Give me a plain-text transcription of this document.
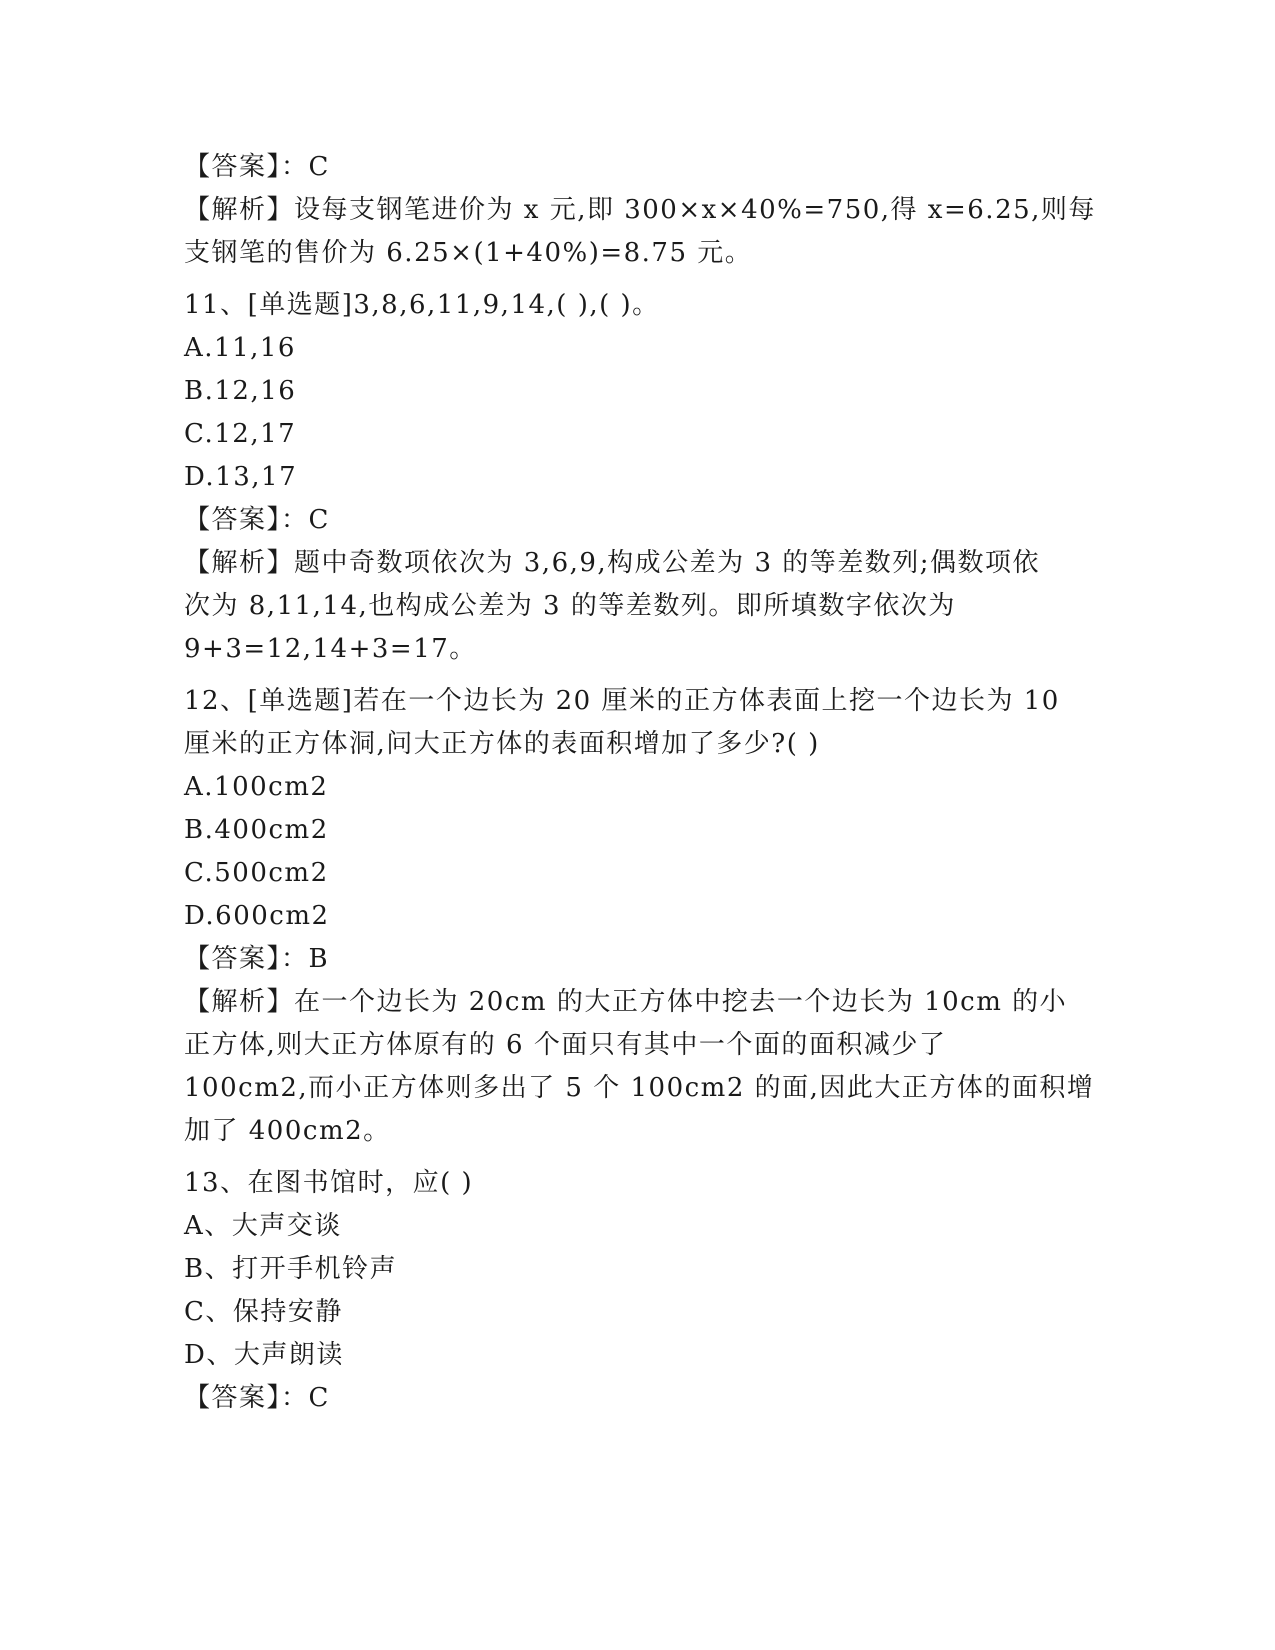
【答案】：C
【解析】设每支钢笔进价为 x 元,即 300×x×40%=750,得 x=6.25,则每
支钢笔的售价为 6.25×(1+40%)=8.75 元。
11、[单选题]3,8,6,11,9,14,( ),( )。
A.11,16
B.12,16
C.12,17
D.13,17
【答案】：C
【解析】题中奇数项依次为 3,6,9,构成公差为 3 的等差数列;偶数项依
次为 8,11,14,也构成公差为 3 的等差数列。即所填数字依次为
9+3=12,14+3=17。
12、[单选题]若在一个边长为 20 厘米的正方体表面上挖一个边长为 10
厘米的正方体洞,问大正方体的表面积增加了多少?( )
A.100cm2
B.400cm2
C.500cm2
D.600cm2
【答案】：B
【解析】在一个边长为 20cm 的大正方体中挖去一个边长为 10cm 的小
正方体,则大正方体原有的 6 个面只有其中一个面的面积减少了
100cm2,而小正方体则多出了 5 个 100cm2 的面,因此大正方体的面积增
加了 400cm2。
13、在图书馆时，应( )
A、大声交谈
B、打开手机铃声
C、保持安静
D、大声朗读
【答案】：C
